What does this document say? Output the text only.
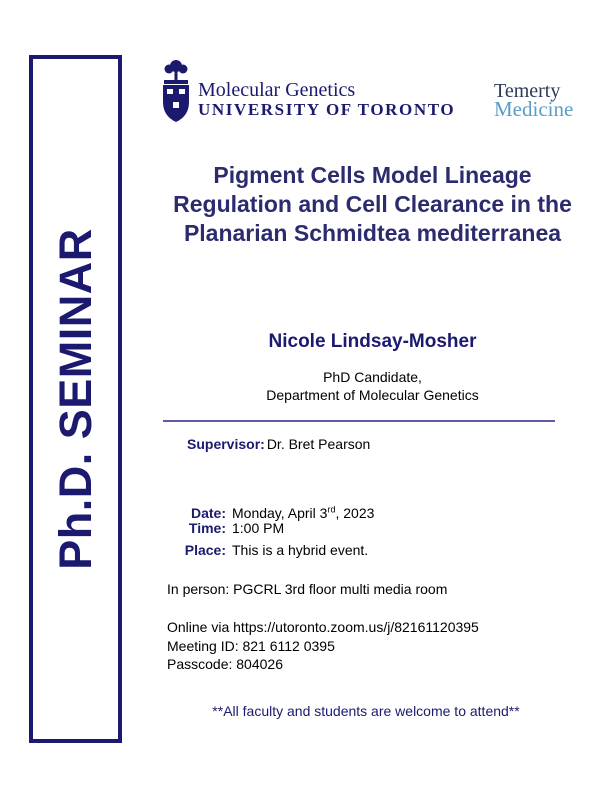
Ph.D. SEMINAR
Molecular Genetics
UNIVERSITY OF TORONTO
Temerty
Medicine
Pigment Cells Model Lineage Regulation and Cell Clearance in the Planarian Schmidtea mediterranea
Nicole Lindsay-Mosher
PhD Candidate,
Department of Molecular Genetics
Supervisor: Dr. Bret Pearson
Date: Monday, April 3rd, 2023
Time: 1:00 PM
Place: This is a hybrid event.
In person: PGCRL 3rd floor multi media room
Online via https://utoronto.zoom.us/j/82161120395
Meeting ID: 821 6112 0395
Passcode: 804026
**All faculty and students are welcome to attend**
